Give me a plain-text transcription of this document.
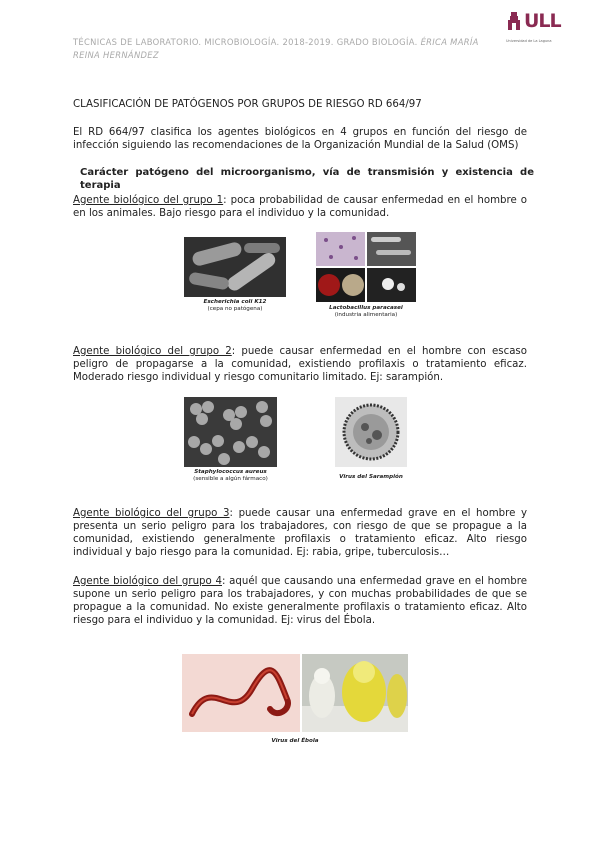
TÉCNICAS DE LABORATORIO. MICROBIOLOGÍA. 2018-2019. GRADO BIOLOGÍA. ÉRICA MARÍA REINA HERNÁNDEZ
ULL
Universidad de La Laguna
CLASIFICACIÓN DE PATÓGENOS POR GRUPOS DE RIESGO RD 664/97
El RD 664/97 clasifica los agentes biológicos en 4 grupos en función del riesgo de infección siguiendo las recomendaciones de la Organización Mundial de la Salud (OMS)
Carácter patógeno del microorganismo, vía de transmisión y existencia de terapia
Agente biológico del grupo 1: poca probabilidad de causar enfermedad en el hombre o en los animales. Bajo riesgo para el individuo y la comunidad.
Escherichia coli K12
(cepa no patógena)	Lactobacillus paracasei
(industria alimentaria)
Agente biológico del grupo 2: puede causar enfermedad en el hombre con escaso peligro de propagarse a la comunidad, existiendo profilaxis o tratamiento eficaz. Moderado riesgo individual y riesgo comunitario limitado. Ej: sarampión.
Staphylococcus aureus
(sensible a algún fármaco)	Virus del Sarampión
Agente biológico del grupo 3: puede causar una enfermedad grave en el hombre y presenta un serio peligro para los trabajadores, con riesgo de que se propague a la comunidad, existiendo generalmente profilaxis o tratamiento eficaz. Alto riesgo individual y bajo riesgo para la comunidad. Ej: rabia, gripe, tuberculosis…
Agente biológico del grupo 4: aquél que causando una enfermedad grave en el hombre supone un serio peligro para los trabajadores, y con muchas probabilidades de que se propague a la comunidad. No existe generalmente profilaxis o tratamiento eficaz. Alto riesgo para el individuo y la comunidad. Ej: virus del Ébola.
Virus del Ébola
